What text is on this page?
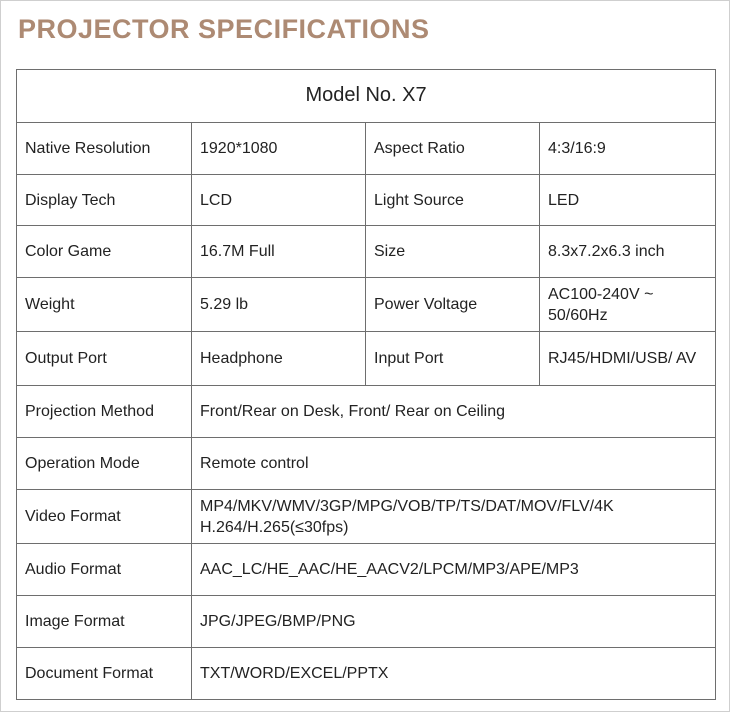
PROJECTOR SPECIFICATIONS
Model No. X7			
Native Resolution	1920*1080	Aspect Ratio	4:3/16:9
Display Tech	LCD	Light Source	LED
Color Game	16.7M Full	Size	8.3x7.2x6.3 inch
Weight	5.29 lb	Power Voltage	AC100-240V ~ 50/60Hz
Output Port	Headphone	Input Port	RJ45/HDMI/USB/ AV
Projection Method	Front/Rear on Desk, Front/ Rear on Ceiling		
Operation Mode	Remote control		
Video Format	MP4/MKV/WMV/3GP/MPG/VOB/TP/TS/DAT/MOV/FLV/4K H.264/H.265(≤30fps)		
Audio Format	AAC_LC/HE_AAC/HE_AACV2/LPCM/MP3/APE/MP3		
Image Format	JPG/JPEG/BMP/PNG		
Document Format	TXT/WORD/EXCEL/PPTX		
